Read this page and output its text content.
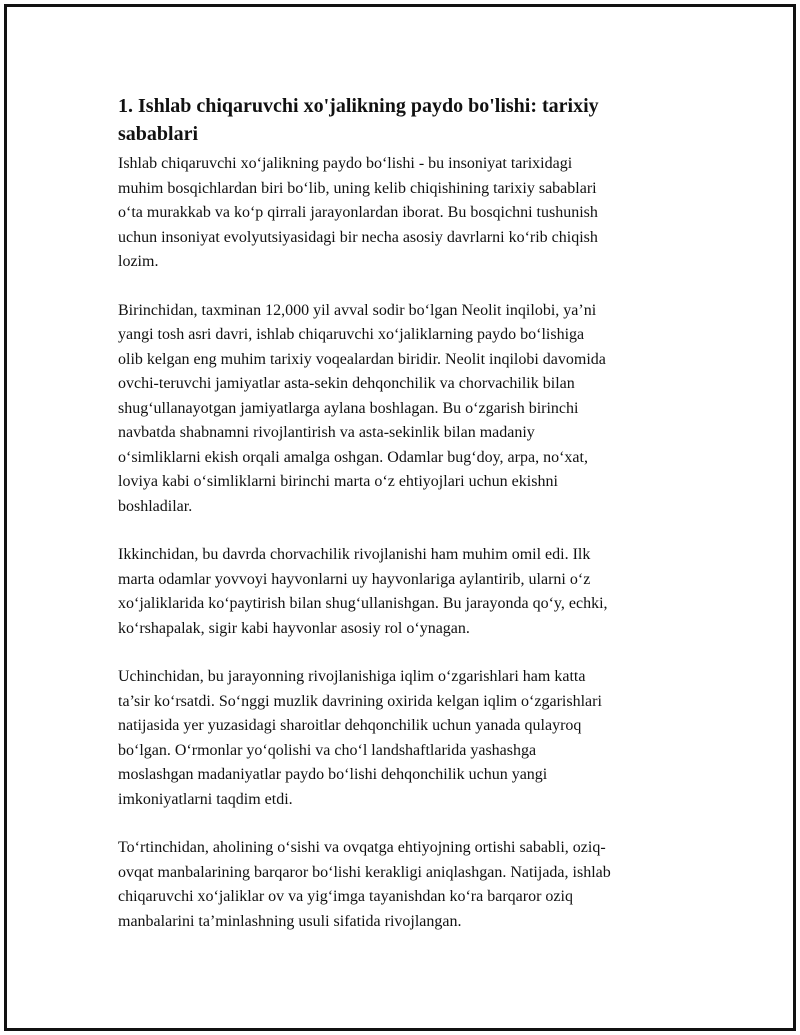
1. Ishlab chiqaruvchi xo'jalikning paydo bo'lishi: tarixiy
sabablari
Ishlab chiqaruvchi xo‘jalikning paydo bo‘lishi - bu insoniyat tarixidagi
muhim bosqichlardan biri bo‘lib, uning kelib chiqishining tarixiy sabablari
o‘ta murakkab va ko‘p qirrali jarayonlardan iborat. Bu bosqichni tushunish
uchun insoniyat evolyutsiyasidagi bir necha asosiy davrlarni ko‘rib chiqish
lozim.
Birinchidan, taxminan 12,000 yil avval sodir bo‘lgan Neolit inqilobi, ya’ni
yangi tosh asri davri, ishlab chiqaruvchi xo‘jaliklarning paydo bo‘lishiga
olib kelgan eng muhim tarixiy voqealardan biridir. Neolit inqilobi davomida
ovchi-teruvchi jamiyatlar asta-sekin dehqonchilik va chorvachilik bilan
shug‘ullanayotgan jamiyatlarga aylana boshlagan. Bu o‘zgarish birinchi
navbatda shabnamni rivojlantirish va asta-sekinlik bilan madaniy
o‘simliklarni ekish orqali amalga oshgan. Odamlar bug‘doy, arpa, no‘xat,
loviya kabi o‘simliklarni birinchi marta o‘z ehtiyojlari uchun ekishni
boshladilar.
Ikkinchidan, bu davrda chorvachilik rivojlanishi ham muhim omil edi. Ilk
marta odamlar yovvoyi hayvonlarni uy hayvonlariga aylantirib, ularni o‘z
xo‘jaliklarida ko‘paytirish bilan shug‘ullanishgan. Bu jarayonda qo‘y, echki,
ko‘rshapalak, sigir kabi hayvonlar asosiy rol o‘ynagan.
Uchinchidan, bu jarayonning rivojlanishiga iqlim o‘zgarishlari ham katta
ta’sir ko‘rsatdi. So‘nggi muzlik davrining oxirida kelgan iqlim o‘zgarishlari
natijasida yer yuzasidagi sharoitlar dehqonchilik uchun yanada qulayroq
bo‘lgan. O‘rmonlar yo‘qolishi va cho‘l landshaftlarida yashashga
moslashgan madaniyatlar paydo bo‘lishi dehqonchilik uchun yangi
imkoniyatlarni taqdim etdi.
To‘rtinchidan, aholining o‘sishi va ovqatga ehtiyojning ortishi sababli, oziq-
ovqat manbalarining barqaror bo‘lishi kerakligi aniqlashgan. Natijada, ishlab
chiqaruvchi xo‘jaliklar ov va yig‘imga tayanishdan ko‘ra barqaror oziq
manbalarini ta’minlashning usuli sifatida rivojlangan.
